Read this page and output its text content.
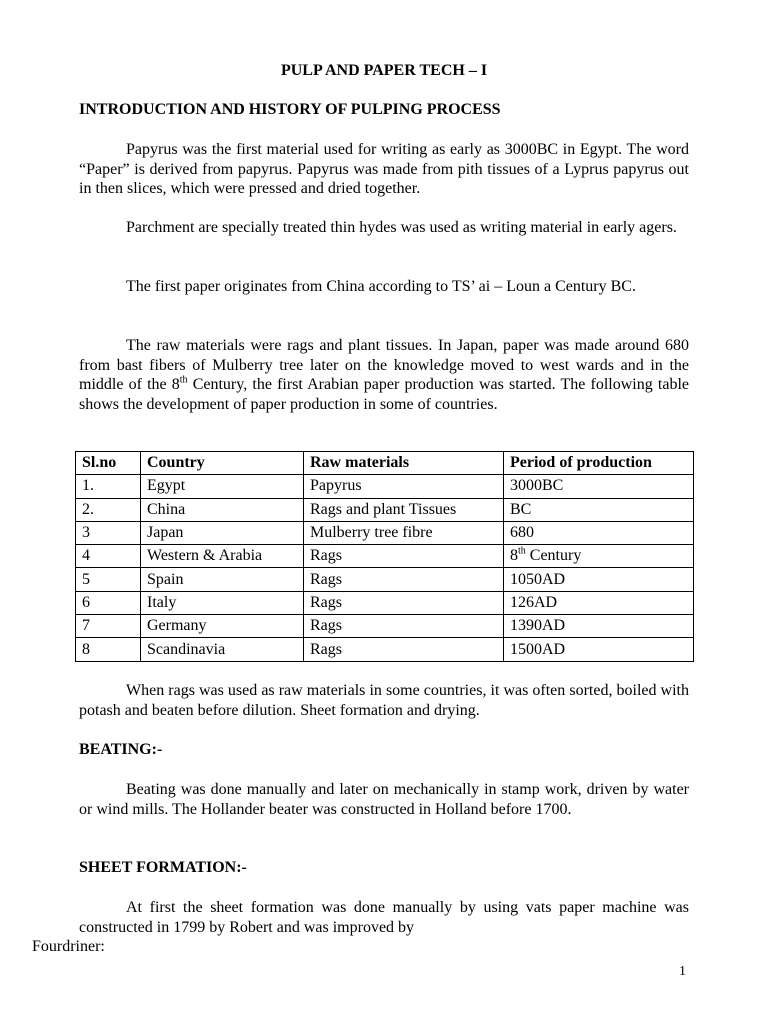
PULP AND PAPER TECH – I
INTRODUCTION AND HISTORY OF PULPING PROCESS

Papyrus was the first material used for writing as early as 3000BC in Egypt. The word “Paper” is derived from papyrus. Papyrus was made from pith tissues of a Lyprus papyrus out in then slices, which were pressed and dried together.

Parchment are specially treated thin hydes was used as writing material in early agers.

The first paper originates from China according to TS’ ai – Loun a Century BC.

The raw materials were rags and plant tissues. In Japan, paper was made around 680 from bast fibers of Mulberry tree later on the knowledge moved to west wards and in the middle of the 8th Century, the first Arabian paper production was started. The following table shows the development of paper production in some of countries.

Sl.no	Country	Raw materials	Period of production
1.	Egypt	Papyrus	3000BC
2.	China	Rags and plant Tissues	BC
3	Japan	Mulberry tree fibre	680
4	Western & Arabia	Rags	8th Century
5	Spain	Rags	1050AD
6	Italy	Rags	126AD
7	Germany	Rags	1390AD
8	Scandinavia	Rags	1500AD

When rags was used as raw materials in some countries, it was often sorted, boiled with potash and beaten before dilution. Sheet formation and drying.

BEATING:-

Beating was done manually and later on mechanically in stamp work, driven by water or wind mills. The Hollander beater was constructed in Holland before 1700.

SHEET FORMATION:-

At first the sheet formation was done manually by using vats paper machine was constructed in 1799 by Robert and was improved by
Fourdriner:

1
